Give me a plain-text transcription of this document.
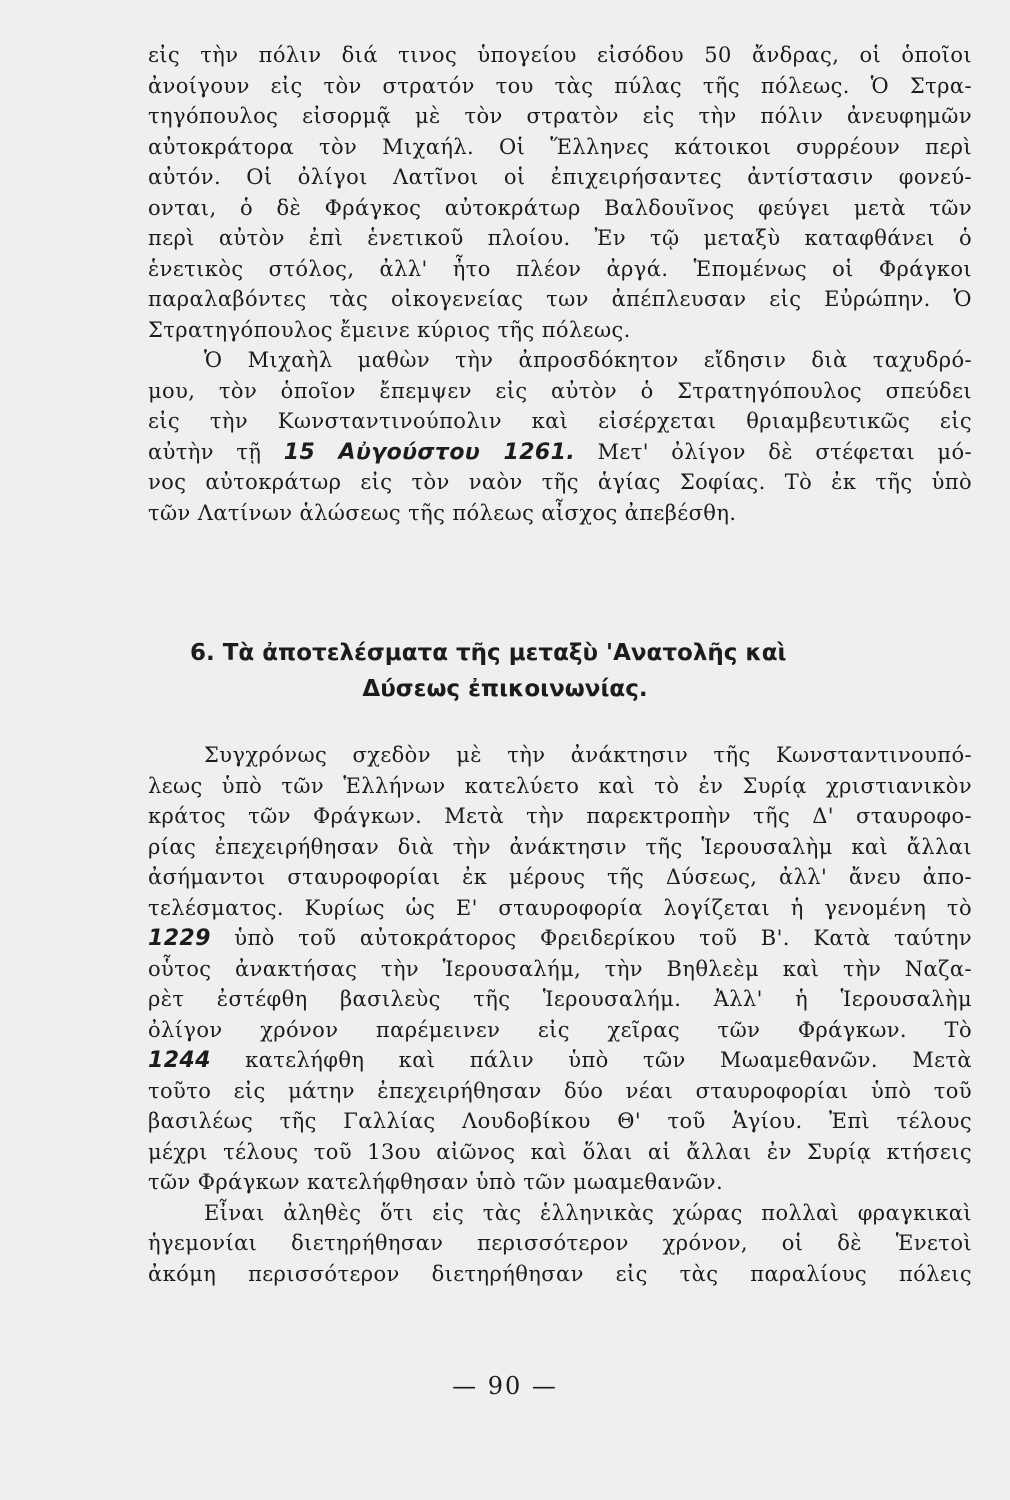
εἰς τὴν πόλιν διά τινος ὑπογείου εἰσόδου 50 ἄνδρας, οἱ ὁποῖοι
ἀνοίγουν εἰς τὸν στρατόν του τὰς πύλας τῆς πόλεως. Ὁ Στρα-
τηγόπουλος εἰσορμᾷ μὲ τὸν στρατὸν εἰς τὴν πόλιν ἀνευφημῶν
αὐτοκράτορα τὸν Μιχαήλ. Οἱ Ἕλληνες κάτοικοι συρρέουν περὶ
αὐτόν. Οἱ ὀλίγοι Λατῖνοι οἱ ἐπιχειρήσαντες ἀντίστασιν φονεύ-
ονται, ὁ δὲ Φράγκος αὐτοκράτωρ Βαλδουῖνος φεύγει μετὰ τῶν
περὶ αὐτὸν ἐπὶ ἑνετικοῦ πλοίου. Ἐν τῷ μεταξὺ καταφθάνει ὁ
ἑνετικὸς στόλος, ἀλλ' ἦτο πλέον ἀργά. Ἑπομένως οἱ Φράγκοι
παραλαβόντες τὰς οἰκογενείας των ἀπέπλευσαν εἰς Εὐρώπην. Ὁ
Στρατηγόπουλος ἔμεινε κύριος τῆς πόλεως.
Ὁ Μιχαὴλ μαθὼν τὴν ἀπροσδόκητον εἴδησιν διὰ ταχυδρό-
μου, τὸν ὁποῖον ἔπεμψεν εἰς αὐτὸν ὁ Στρατηγόπουλος σπεύδει
εἰς τὴν Κωνσταντινούπολιν καὶ εἰσέρχεται θριαμβευτικῶς εἰς
αὐτὴν τῇ 15 Αὐγούστου 1261. Μετ' ὀλίγον δὲ στέφεται μό-
νος αὐτοκράτωρ εἰς τὸν ναὸν τῆς ἁγίας Σοφίας. Τὸ ἐκ τῆς ὑπὸ
τῶν Λατίνων ἁλώσεως τῆς πόλεως αἶσχος ἀπεβέσθη.
6. Τὰ ἀποτελέσματα τῆς μεταξὺ 'Ανατολῆς καὶ
Δύσεως ἐπικοινωνίας.
Συγχρόνως σχεδὸν μὲ τὴν ἀνάκτησιν τῆς Κωνσταντινουπό-
λεως ὑπὸ τῶν Ἑλλήνων κατελύετο καὶ τὸ ἐν Συρίᾳ χριστιανικὸν
κράτος τῶν Φράγκων. Μετὰ τὴν παρεκτροπὴν τῆς Δ' σταυροφο-
ρίας ἐπεχειρήθησαν διὰ τὴν ἀνάκτησιν τῆς Ἱερουσαλὴμ καὶ ἄλλαι
ἀσήμαντοι σταυροφορίαι ἐκ μέρους τῆς Δύσεως, ἀλλ' ἄνευ ἀπο-
τελέσματος. Κυρίως ὡς Ε' σταυροφορία λογίζεται ἡ γενομένη τὸ
1229 ὑπὸ τοῦ αὐτοκράτορος Φρειδερίκου τοῦ Β'. Κατὰ ταύτην
οὗτος ἀνακτήσας τὴν Ἱερουσαλήμ, τὴν Βηθλεὲμ καὶ τὴν Ναζα-
ρὲτ ἐστέφθη βασιλεὺς τῆς Ἱερουσαλήμ. Ἀλλ' ἡ Ἱερουσαλὴμ
ὀλίγον χρόνον παρέμεινεν εἰς χεῖρας τῶν Φράγκων. Τὸ
1244 κατελήφθη καὶ πάλιν ὑπὸ τῶν Μωαμεθανῶν. Μετὰ
τοῦτο εἰς μάτην ἐπεχειρήθησαν δύο νέαι σταυροφορίαι ὑπὸ τοῦ
βασιλέως τῆς Γαλλίας Λουδοβίκου Θ' τοῦ Ἁγίου. Ἐπὶ τέλους
μέχρι τέλους τοῦ 13ου αἰῶνος καὶ ὅλαι αἱ ἄλλαι ἐν Συρίᾳ κτήσεις
τῶν Φράγκων κατελήφθησαν ὑπὸ τῶν μωαμεθανῶν.
Εἶναι ἀληθὲς ὅτι εἰς τὰς ἑλληνικὰς χώρας πολλαὶ φραγκικαὶ
ἡγεμονίαι διετηρήθησαν περισσότερον χρόνον, οἱ δὲ Ἑνετοὶ
ἀκόμη περισσότερον διετηρήθησαν εἰς τὰς παραλίους πόλεις
— 90 —
